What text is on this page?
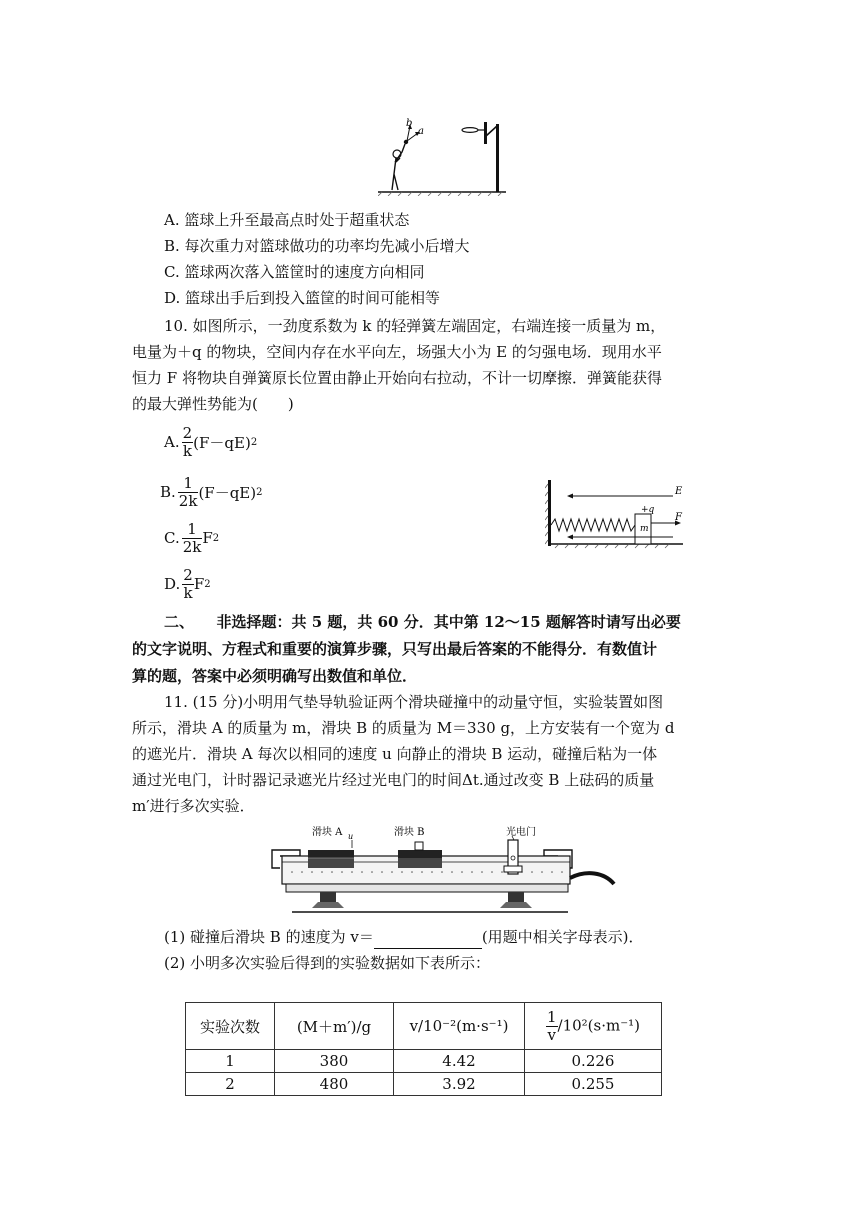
b
a
A. 篮球上升至最高点时处于超重状态
B. 每次重力对篮球做功的功率均先减小后增大
C. 篮球两次落入篮筐时的速度方向相同
D. 篮球出手后到投入篮筐的时间可能相等
10. 如图所示，一劲度系数为 k 的轻弹簧左端固定，右端连接一质量为 m，
电量为＋q 的物块，空间内存在水平向左，场强大小为 E 的匀强电场．现用水平
恒力 F 将物块自弹簧原长位置由静止开始向右拉动，不计一切摩擦．弹簧能获得
的最大弹性势能为(　　)
A. $\frac{2}{k} (F-qE)$ 2
B. $\frac{1}{2k} (F-qE)$ 2
C. $\frac{1}{2k}$ F 2
D. $\frac{2}{k}$ F 2
E
m
+q
F
二、　　非选择题：共 5 题，共 60 分．其中第 12～15 题解答时请写出必要
的文字说明、方程式和重要的演算步骤，只写出最后答案的不能得分．有数值计
算的题，答案中必须明确写出数值和单位．
11. (15 分)小明用气垫导轨验证两个滑块碰撞中的动量守恒，实验装置如图
所示，滑块 A 的质量为 m，滑块 B 的质量为 M＝330 g，上方安装有一个宽为 d
的遮光片．滑块 A 每次以相同的速度 u 向静止的滑块 B 运动，碰撞后粘为一体
通过光电门，计时器记录遮光片经过光电门的时间Δt.通过改变 B 上砝码的质量
m′进行多次实验．
滑块 A u	滑块 B	光电门
(1) 碰撞后滑块 B 的速度为 v＝	(用题中相关字母表示)．
(2) 小明多次实验后得到的实验数据如下表所示：
实验次数	(M＋m′)/g	v/10⁻²(m·s⁻¹)	$\frac{1}{v} /10^2(s\cdot m^{-1})$
1	380	4.42	0.226
2	480	3.92	0.255
